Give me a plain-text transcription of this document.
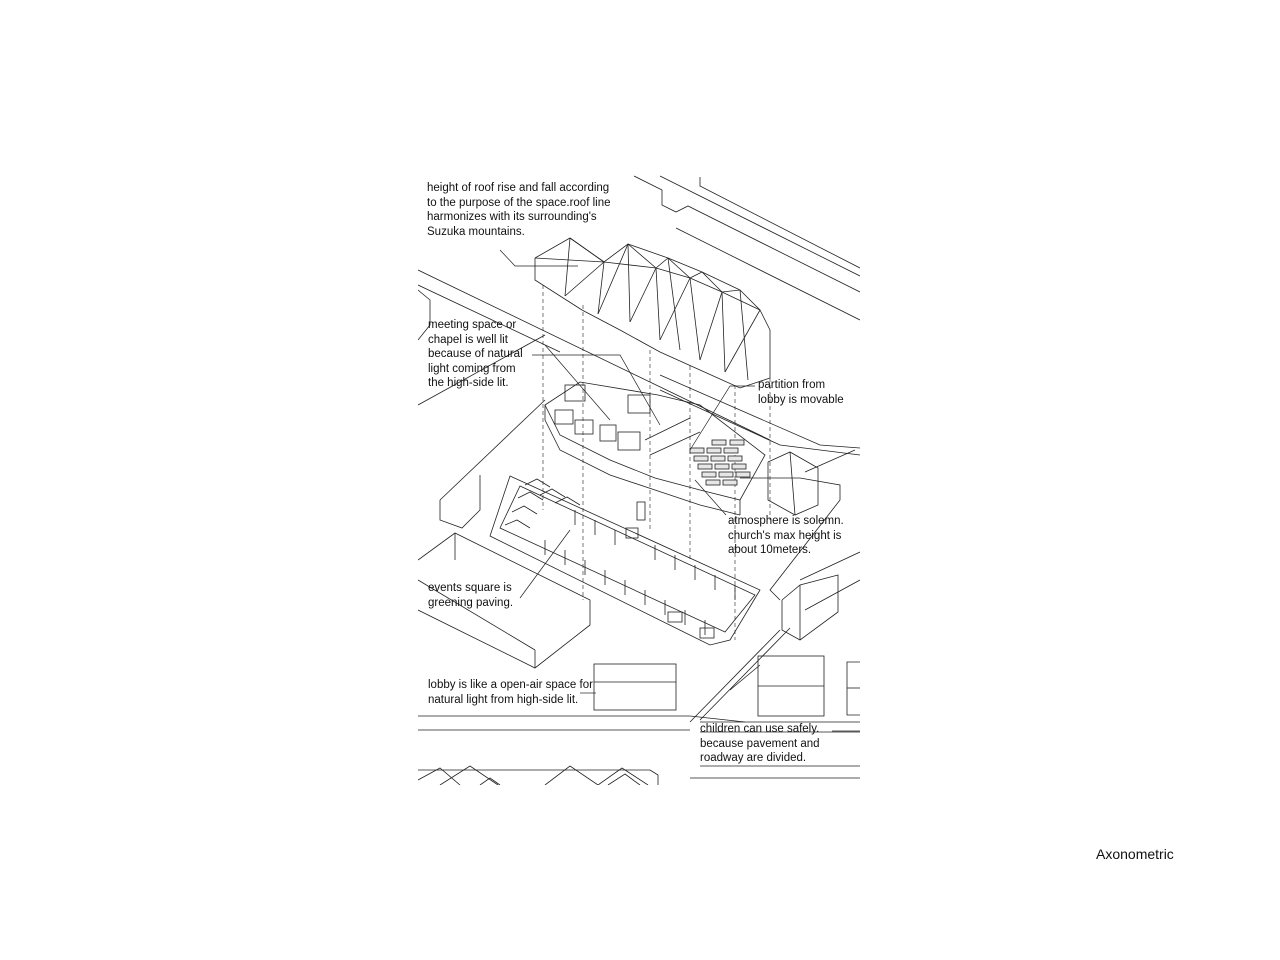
height of roof rise and fall according
to the purpose of the space.roof line
harmonizes with its surrounding's
Suzuka mountains.
meeting space or
chapel is well lit
because of natural
light coming from
the high-side lit.	partition from
lobby is movable
atmosphere is solemn.
church's max height is
about 10meters.
events square is
greening paving.
lobby is like a open-air space for
natural light from high-side lit.
children can use safely.
because pavement and
roadway are divided.
Axonometric
